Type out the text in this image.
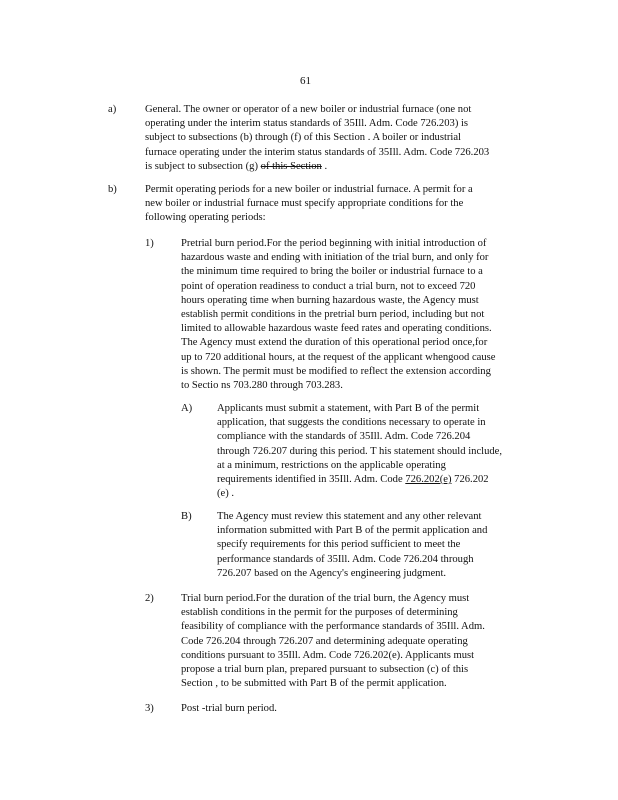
61
a)	General. The owner or operator of a new boiler or industrial furnace (one not
operating under the interim status standards of 35Ill. Adm. Code 726.203) is
subject to subsections (b) through (f) of this Section . A boiler or industrial
furnace operating under the interim status standards of 35Ill. Adm. Code 726.203
is subject to subsection (g) of this Section .
b)	Permit operating periods for a new boiler or industrial furnace. A permit for a
new boiler or industrial furnace must specify appropriate conditions for the
following operating periods:
1)	Pretrial burn period.For the period beginning with initial introduction of
hazardous waste and ending with initiation of the trial burn, and only for
the minimum time required to bring the boiler or industrial furnace to a
point of operation readiness to conduct a trial burn, not to exceed 720
hours operating time when burning hazardous waste, the Agency must
establish permit conditions in the pretrial burn period, including but not
limited to allowable hazardous waste feed rates and operating conditions.
The Agency must extend the duration of this operational period once,for
up to 720 additional hours, at the request of the applicant whengood cause
is shown. The permit must be modified to reflect the extension according
to Sectio ns 703.280 through 703.283.
A) Applicants must submit a statement, with Part B of the permit
application, that suggests the conditions necessary to operate in
compliance with the standards of 35Ill. Adm. Code 726.204
through 726.207 during this period. T his statement should include,
at a minimum, restrictions on the applicable operating
requirements identified in 35Ill. Adm. Code 726.202(e) 726.202
(e) .
B) The Agency must review this statement and any other relevant
information submitted with Part B of the permit application and
specify requirements for this period sufficient to meet the
performance standards of 35Ill. Adm. Code 726.204 through
726.207 based on the Agency's engineering judgment.
2)	Trial burn period.For the duration of the trial burn, the Agency must
establish conditions in the permit for the purposes of determining
feasibility of compliance with the performance standards of 35Ill. Adm.
Code 726.204 through 726.207 and determining adequate operating
conditions pursuant to 35Ill. Adm. Code 726.202(e). Applicants must
propose a trial burn plan, prepared pursuant to subsection (c) of this
Section , to be submitted with Part B of the permit application.
3)	Post -trial burn period.
